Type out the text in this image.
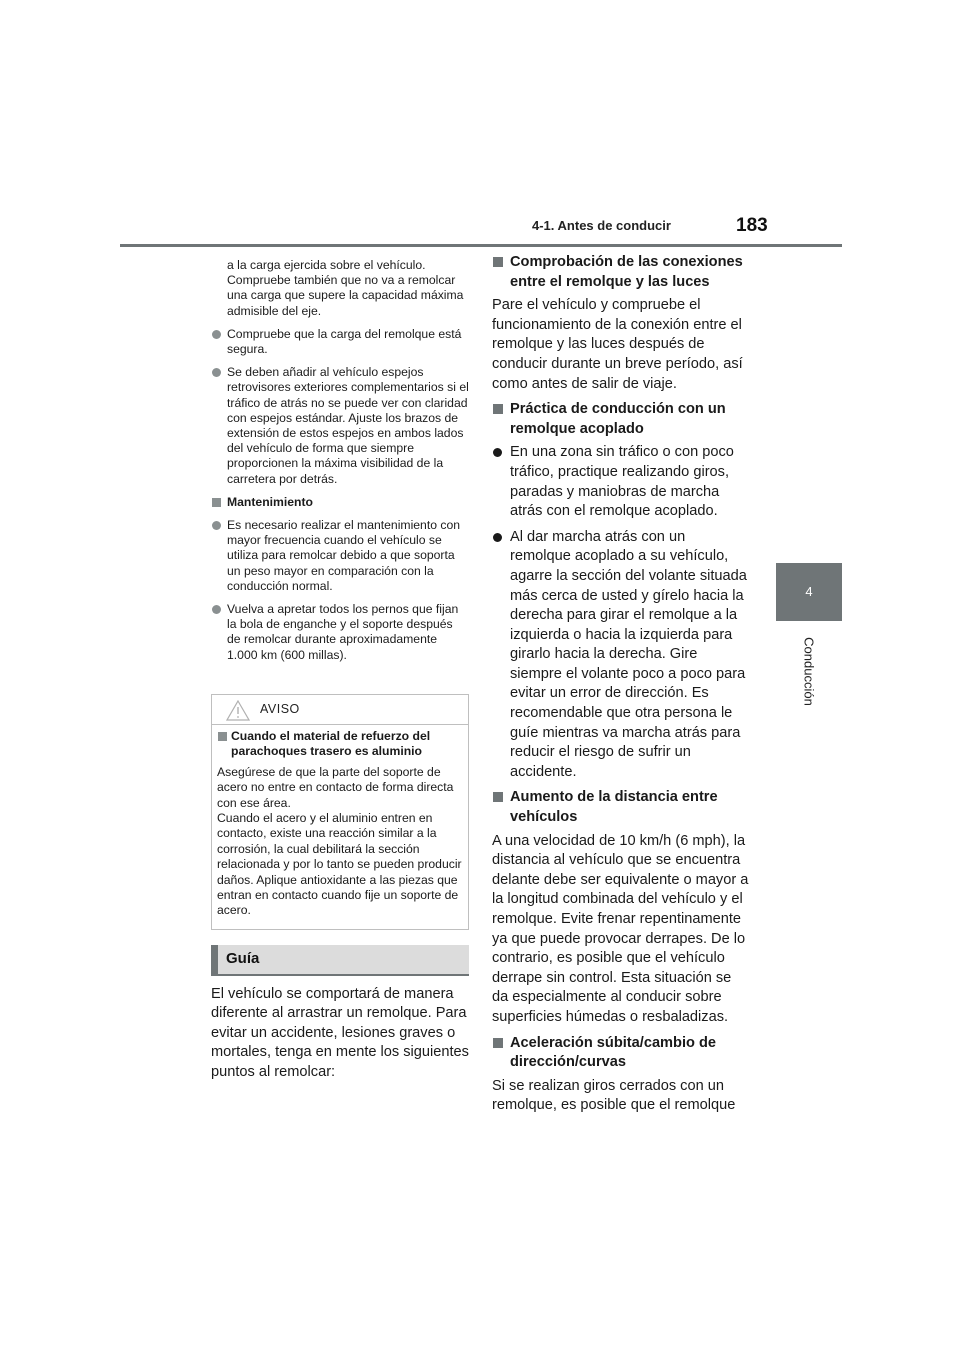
4-1. Antes de conducir	183
4
Conducción

a la carga ejercida sobre el vehículo. Compruebe también que no va a remolcar una carga que supere la capacidad máxima admisible del eje.

Compruebe que la carga del remolque está segura.

Se deben añadir al vehículo espejos retrovisores exteriores complementarios si el tráfico de atrás no se puede ver con claridad con espejos estándar. Ajuste los brazos de extensión de estos espejos en ambos lados del vehículo de forma que siempre proporcionen la máxima visibilidad de la carretera por detrás.

Mantenimiento

Es necesario realizar el mantenimiento con mayor frecuencia cuando el vehículo se utiliza para remolcar debido a que soporta un peso mayor en comparación con la conducción normal.

Vuelva a apretar todos los pernos que fijan la bola de enganche y el soporte después de remolcar durante aproximadamente 1.000 km (600 millas).

AVISO
Cuando el material de refuerzo del parachoques trasero es aluminio

Asegúrese de que la parte del soporte de acero no entre en contacto de forma directa con ese área.

Cuando el acero y el aluminio entren en contacto, existe una reacción similar a la corrosión, la cual debilitará la sección relacionada y por lo tanto se pueden producir daños. Aplique antioxidante a las piezas que entran en contacto cuando fije un soporte de acero.

Guía

El vehículo se comportará de manera diferente al arrastrar un remolque. Para evitar un accidente, lesiones graves o mortales, tenga en mente los siguientes puntos al remolcar:

Comprobación de las conexiones entre el remolque y las luces

Pare el vehículo y compruebe el funcionamiento de la conexión entre el remolque y las luces después de conducir durante un breve período, así como antes de salir de viaje.

Práctica de conducción con un remolque acoplado

En una zona sin tráfico o con poco tráfico, practique realizando giros, paradas y maniobras de marcha atrás con el remolque acoplado.

Al dar marcha atrás con un remolque acoplado a su vehículo, agarre la sección del volante situada más cerca de usted y gírelo hacia la derecha para girar el remolque a la izquierda o hacia la izquierda para girarlo hacia la derecha. Gire siempre el volante poco a poco para evitar un error de dirección. Es recomendable que otra persona le guíe mientras va marcha atrás para reducir el riesgo de sufrir un accidente.

Aumento de la distancia entre vehículos

A una velocidad de 10 km/h (6 mph), la distancia al vehículo que se encuentra delante debe ser equivalente o mayor a la longitud combinada del vehículo y el remolque. Evite frenar repentinamente ya que puede provocar derrapes. De lo contrario, es posible que el vehículo derrape sin control. Esta situación se da especialmente al conducir sobre superficies húmedas o resbaladizas.

Aceleración súbita/cambio de dirección/curvas

Si se realizan giros cerrados con un remolque, es posible que el remolque
